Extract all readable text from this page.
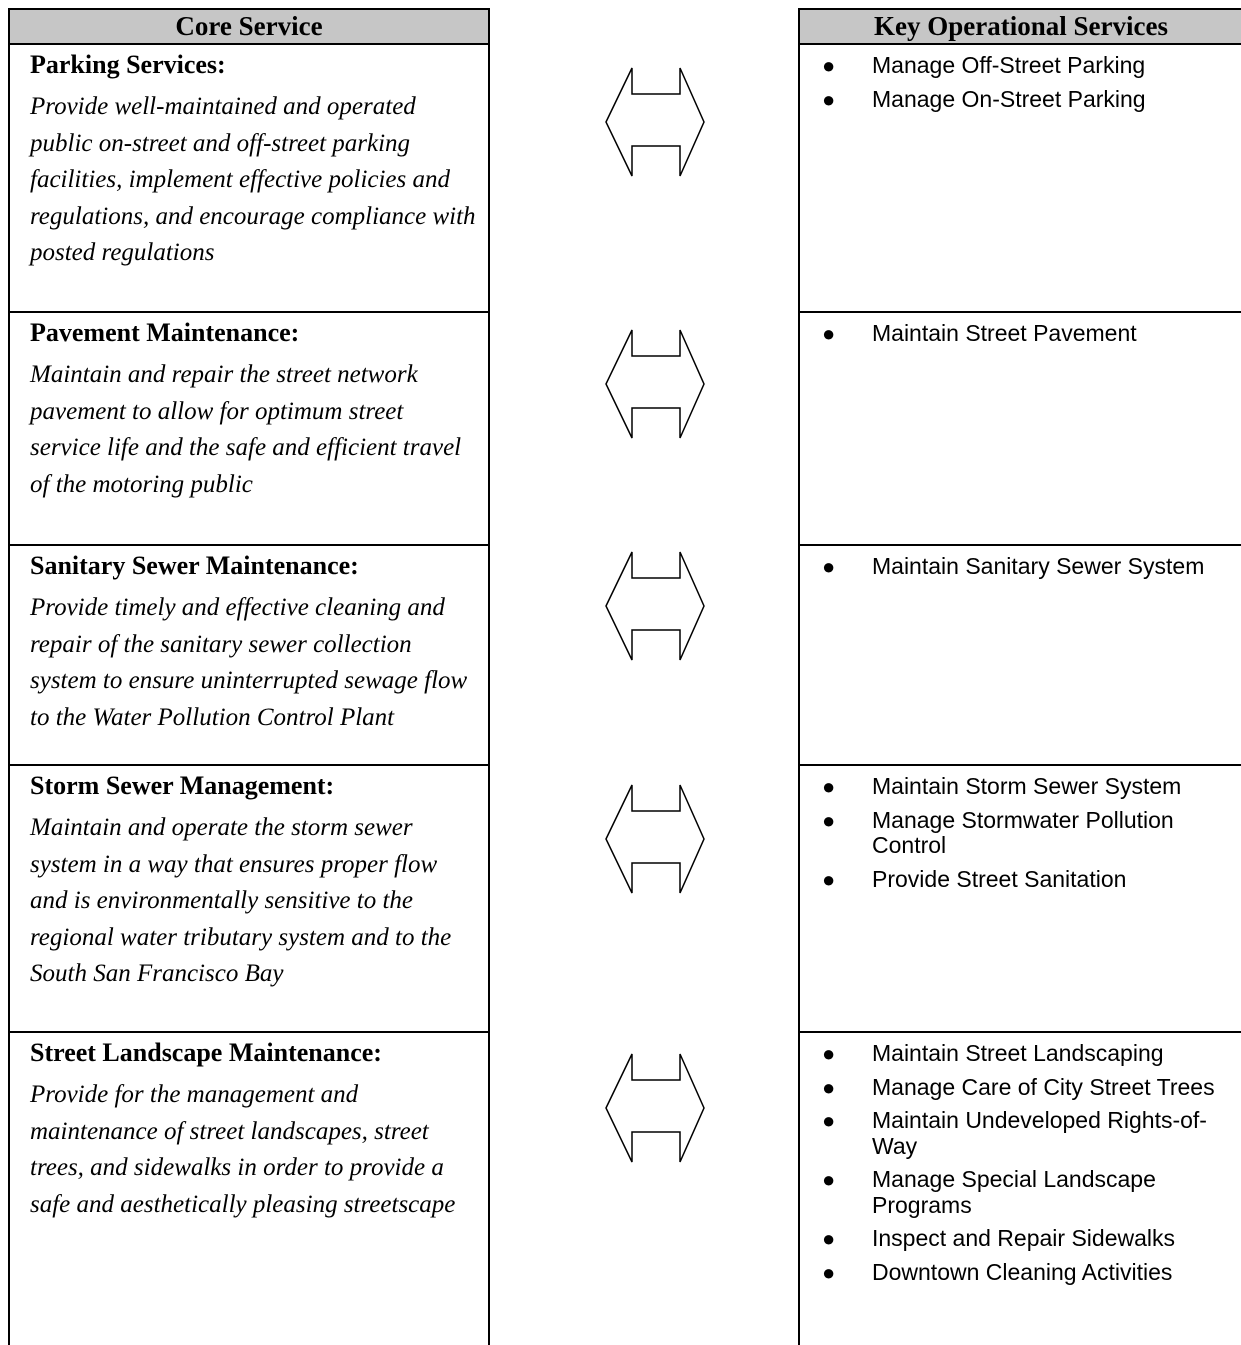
Core Service
Parking Services:
Provide well-maintained and operated public on-street and off-street parking facilities, implement effective policies and regulations, and encourage compliance with posted regulations
Pavement Maintenance:
Maintain and repair the street network pavement to allow for optimum street service life and the safe and efficient travel of the motoring public
Sanitary Sewer Maintenance:
Provide timely and effective cleaning and repair of the sanitary sewer collection system to ensure uninterrupted sewage flow to the Water Pollution Control Plant
Storm Sewer Management:
Maintain and operate the storm sewer system in a way that ensures proper flow and is environmentally sensitive to the regional water tributary system and to the South San Francisco Bay
Street Landscape Maintenance:
Provide for the management and maintenance of street landscapes, street trees, and sidewalks in order to provide a safe and aesthetically pleasing streetscape
Key Operational Services
● Manage Off-Street Parking
● Manage On-Street Parking
● Maintain Street Pavement
● Maintain Sanitary Sewer System
● Maintain Storm Sewer System
● Manage Stormwater Pollution Control
● Provide Street Sanitation
● Maintain Street Landscaping
● Manage Care of City Street Trees
● Maintain Undeveloped Rights-of-Way
● Manage Special Landscape Programs
● Inspect and Repair Sidewalks
● Downtown Cleaning Activities
